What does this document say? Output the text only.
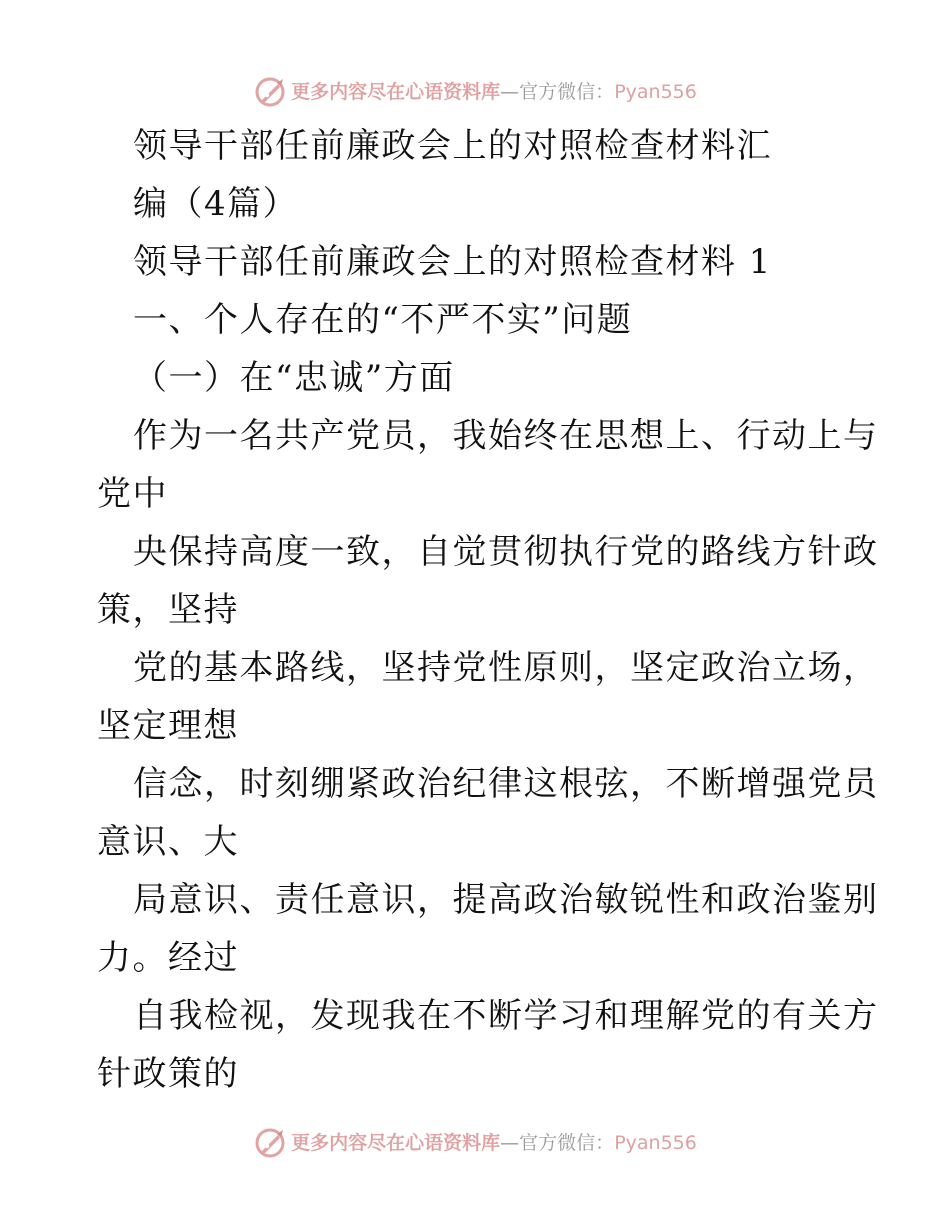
更多内容尽在心语资料库 — 官方微信： Pyan556
领导干部任前廉政会上的对照检查材料汇
编（4篇）
领导干部任前廉政会上的对照检查材料 1
一、个人存在的“不严不实”问题
（一）在“忠诚”方面
作为一名共产党员，我始终在思想上、行动上与
党中
央保持高度一致，自觉贯彻执行党的路线方针政
策，坚持
党的基本路线，坚持党性原则，坚定政治立场，
坚定理想
信念，时刻绷紧政治纪律这根弦，不断增强党员
意识、大
局意识、责任意识，提高政治敏锐性和政治鉴别
力。经过
自我检视，发现我在不断学习和理解党的有关方
针政策的
更多内容尽在心语资料库 — 官方微信： Pyan556
